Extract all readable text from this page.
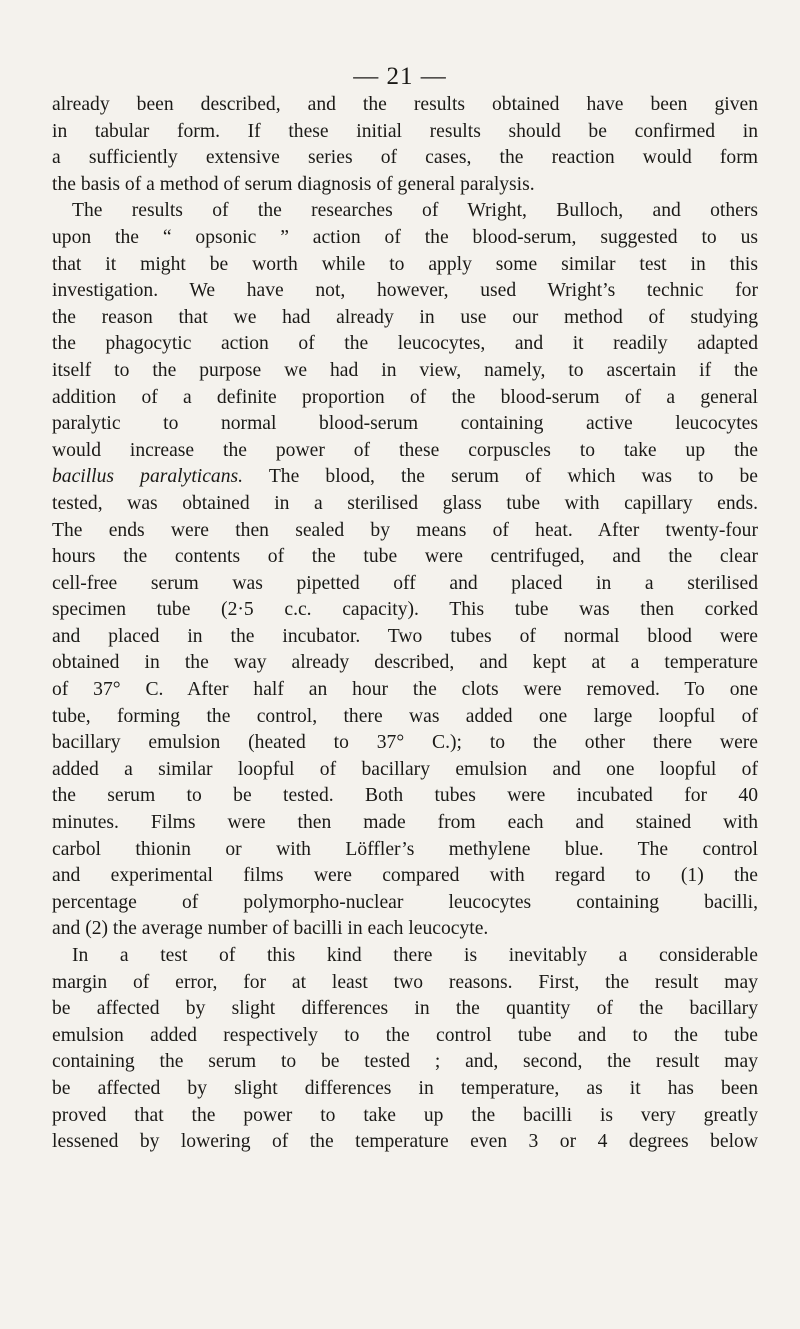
— 21 —
already been described, and the results obtained have been given
in tabular form. If these initial results should be confirmed in
a sufficiently extensive series of cases, the reaction would form
the basis of a method of serum diagnosis of general paralysis.
The results of the researches of Wright, Bulloch, and others
upon the “ opsonic ” action of the blood-serum, suggested to us
that it might be worth while to apply some similar test in this
investigation. We have not, however, used Wright’s technic for
the reason that we had already in use our method of studying
the phagocytic action of the leucocytes, and it readily adapted
itself to the purpose we had in view, namely, to ascertain if the
addition of a definite proportion of the blood-serum of a general
paralytic to normal blood-serum containing active leucocytes
would increase the power of these corpuscles to take up the
bacillus paralyticans. The blood, the serum of which was to be
tested, was obtained in a sterilised glass tube with capillary ends.
The ends were then sealed by means of heat. After twenty-four
hours the contents of the tube were centrifuged, and the clear
cell-free serum was pipetted off and placed in a sterilised
specimen tube (2·5 c.c. capacity). This tube was then corked
and placed in the incubator. Two tubes of normal blood were
obtained in the way already described, and kept at a temperature
of 37° C. After half an hour the clots were removed. To one
tube, forming the control, there was added one large loopful of
bacillary emulsion (heated to 37° C.); to the other there were
added a similar loopful of bacillary emulsion and one loopful of
the serum to be tested. Both tubes were incubated for 40
minutes. Films were then made from each and stained with
carbol thionin or with Löffler’s methylene blue. The control
and experimental films were compared with regard to (1) the
percentage of polymorpho-nuclear leucocytes containing bacilli,
and (2) the average number of bacilli in each leucocyte.
In a test of this kind there is inevitably a considerable
margin of error, for at least two reasons. First, the result may
be affected by slight differences in the quantity of the bacillary
emulsion added respectively to the control tube and to the tube
containing the serum to be tested ; and, second, the result may
be affected by slight differences in temperature, as it has been
proved that the power to take up the bacilli is very greatly
lessened by lowering of the temperature even 3 or 4 degrees below
